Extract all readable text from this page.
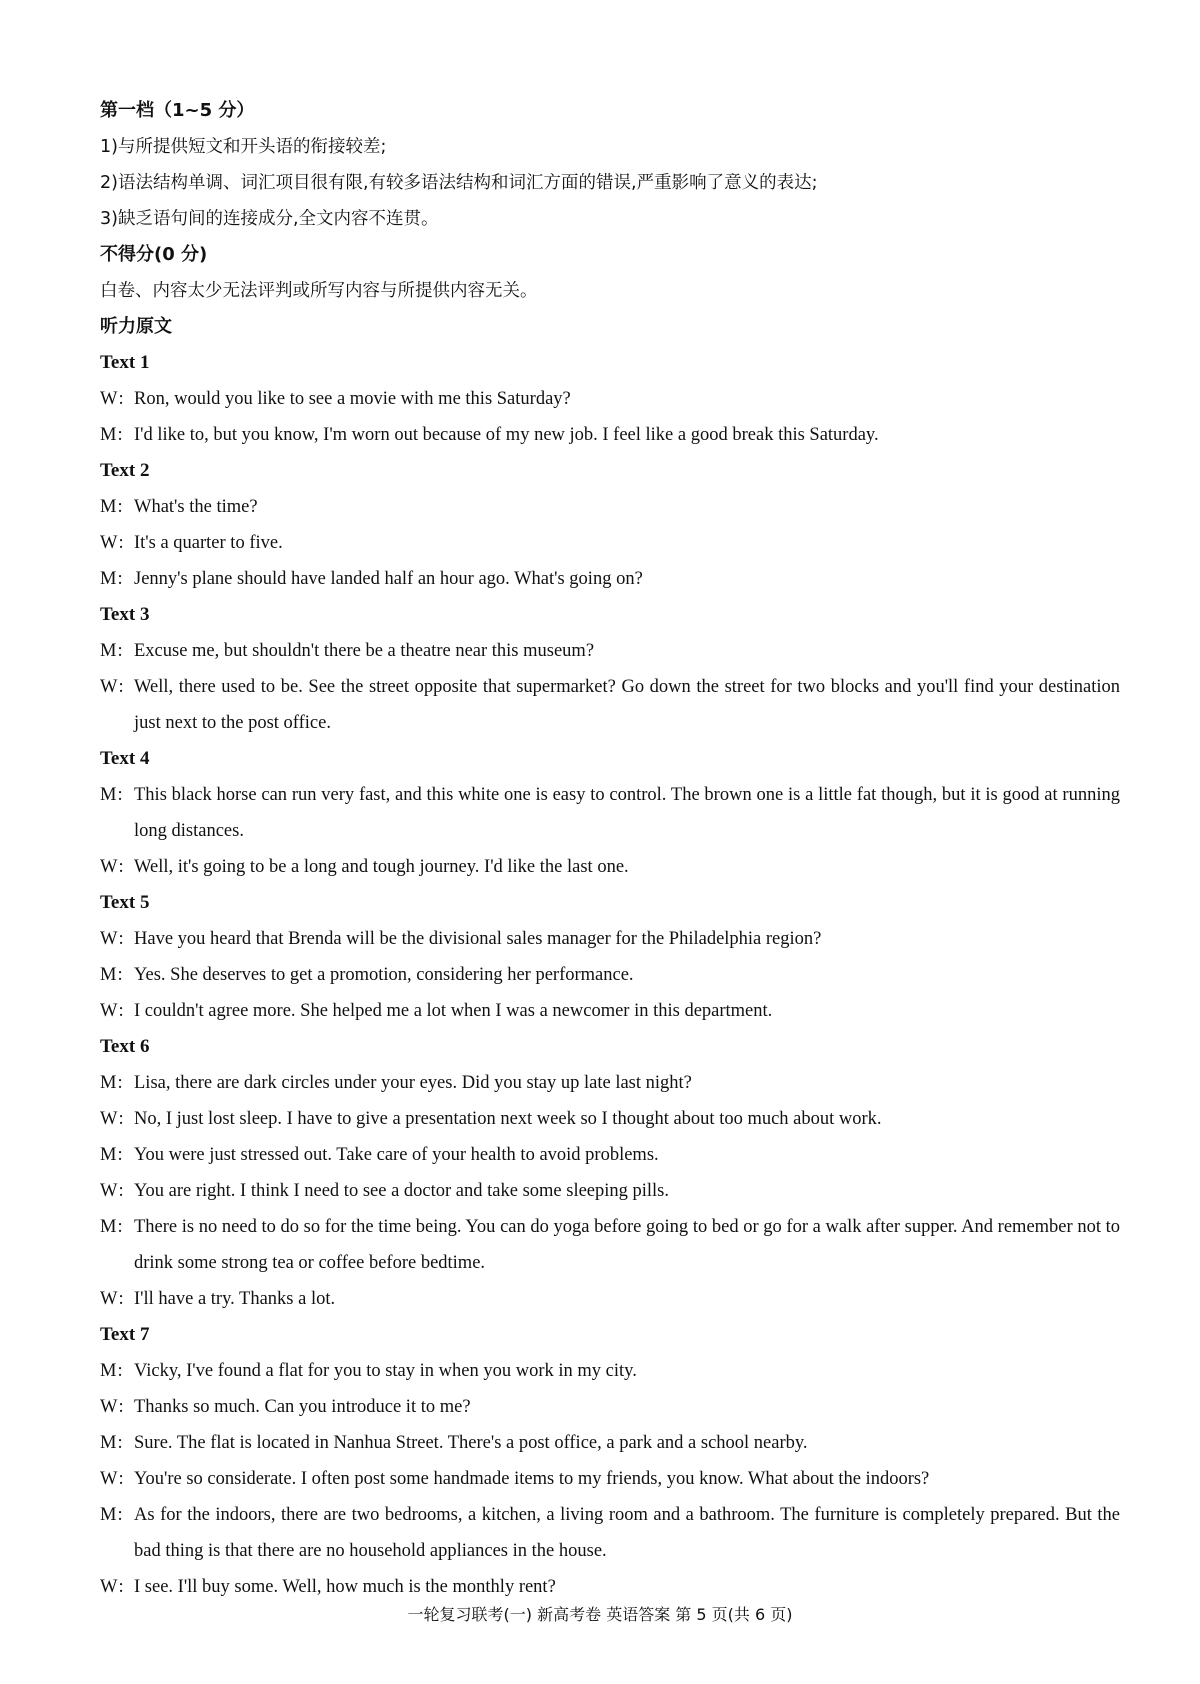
第一档（1~5 分）
1)与所提供短文和开头语的衔接较差;
2)语法结构单调、词汇项目很有限,有较多语法结构和词汇方面的错误,严重影响了意义的表达;
3)缺乏语句间的连接成分,全文内容不连贯。
不得分(0 分)
白卷、内容太少无法评判或所写内容与所提供内容无关。
听力原文
Text 1
W: Ron, would you like to see a movie with me this Saturday?
M: I'd like to, but you know, I'm worn out because of my new job. I feel like a good break this Saturday.
Text 2
M: What's the time?
W: It's a quarter to five.
M: Jenny's plane should have landed half an hour ago. What's going on?
Text 3
M: Excuse me, but shouldn't there be a theatre near this museum?
W: Well, there used to be. See the street opposite that supermarket? Go down the street for two blocks and you'll find your destination just next to the post office.
Text 4
M: This black horse can run very fast, and this white one is easy to control. The brown one is a little fat though, but it is good at running long distances.
W: Well, it's going to be a long and tough journey. I'd like the last one.
Text 5
W: Have you heard that Brenda will be the divisional sales manager for the Philadelphia region?
M: Yes. She deserves to get a promotion, considering her performance.
W: I couldn't agree more. She helped me a lot when I was a newcomer in this department.
Text 6
M: Lisa, there are dark circles under your eyes. Did you stay up late last night?
W: No, I just lost sleep. I have to give a presentation next week so I thought about too much about work.
M: You were just stressed out. Take care of your health to avoid problems.
W: You are right. I think I need to see a doctor and take some sleeping pills.
M: There is no need to do so for the time being. You can do yoga before going to bed or go for a walk after supper. And remember not to drink some strong tea or coffee before bedtime.
W: I'll have a try. Thanks a lot.
Text 7
M: Vicky, I've found a flat for you to stay in when you work in my city.
W: Thanks so much. Can you introduce it to me?
M: Sure. The flat is located in Nanhua Street. There's a post office, a park and a school nearby.
W: You're so considerate. I often post some handmade items to my friends, you know. What about the indoors?
M: As for the indoors, there are two bedrooms, a kitchen, a living room and a bathroom. The furniture is completely prepared. But the bad thing is that there are no household appliances in the house.
W: I see. I'll buy some. Well, how much is the monthly rent?
一轮复习联考(一) 新高考卷 英语答案 第 5 页(共 6 页)
